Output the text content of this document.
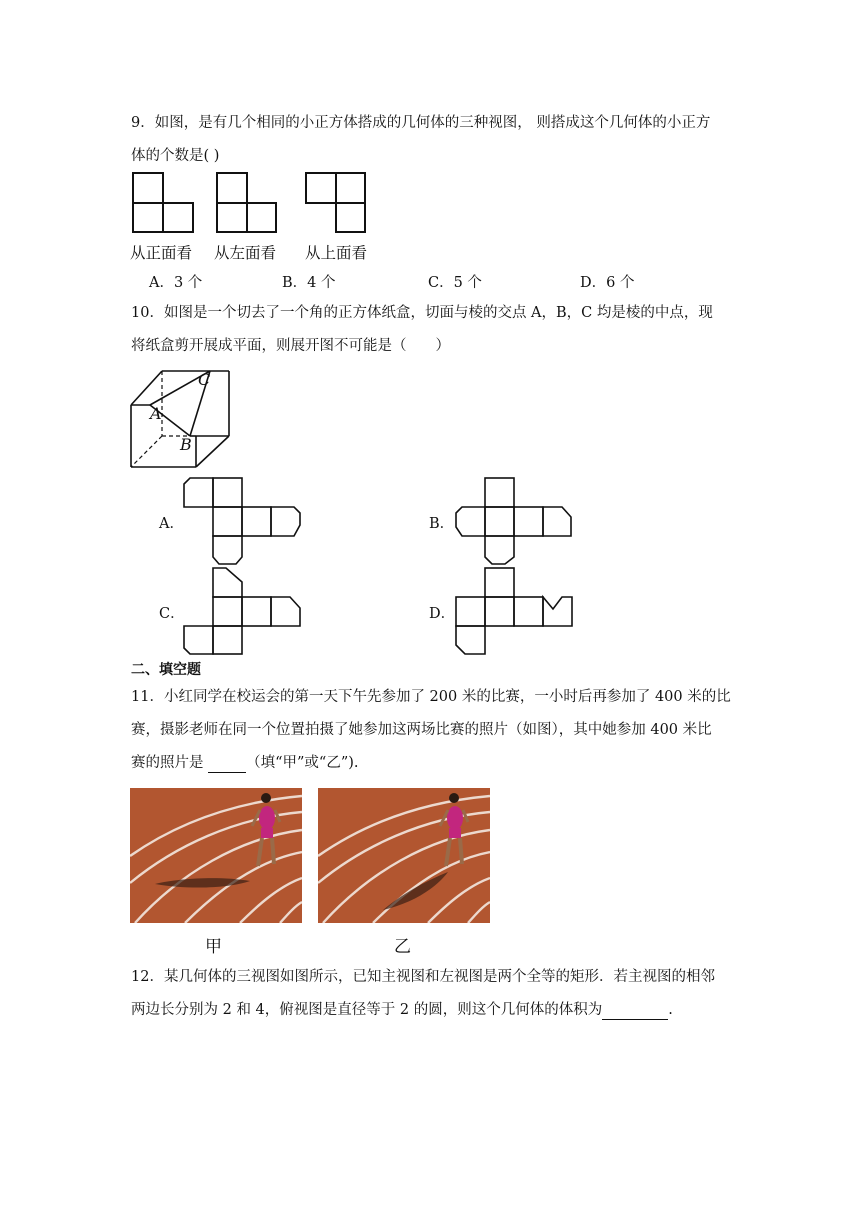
9．如图，是有几个相同的小正方体搭成的几何体的三种视图， 则搭成这个几何体的小正方
体的个数是( )
从正面看 从左面看 从上面看
A．3 个	B．4 个	C．5 个	D．6 个
10．如图是一个切去了一个角的正方体纸盒，切面与棱的交点 A，B，C 均是棱的中点，现
将纸盒剪开展成平面，则展开图不可能是（　　）
A
B
C
A．	B．
C．	D．
二、填空题
11．小红同学在校运会的第一天下午先参加了 200 米的比赛，一小时后再参加了 400 米的比
赛，摄影老师在同一个位置拍摄了她参加这两场比赛的照片（如图），其中她参加 400 米比
赛的照片是	（填“甲”或“乙”).
甲	乙
12．某几何体的三视图如图所示，已知主视图和左视图是两个全等的矩形．若主视图的相邻
两边长分别为 2 和 4，俯视图是直径等于 2 的圆，则这个几何体的体积为	.
